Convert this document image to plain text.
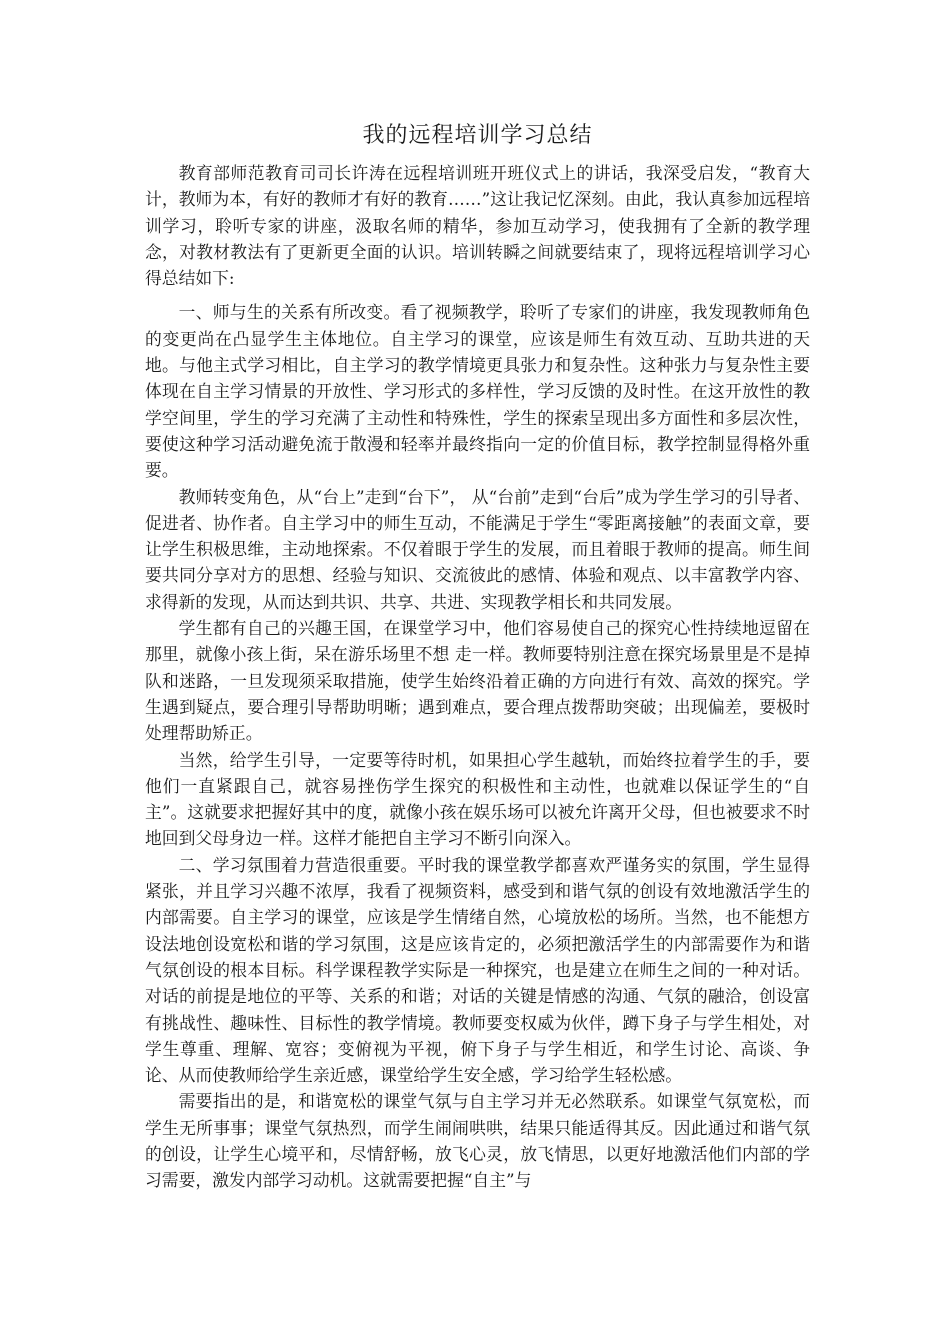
我的远程培训学习总结

教育部师范教育司司长许涛在远程培训班开班仪式上的讲话，我深受启发，“教育大计，教师为本，有好的教师才有好的教育……”这让我记忆深刻。由此，我认真参加远程培训学习，聆听专家的讲座，汲取名师的精华，参加互动学习，使我拥有了全新的教学理念，对教材教法有了更新更全面的认识。培训转瞬之间就要结束了，现将远程培训学习心得总结如下:

一、师与生的关系有所改变。看了视频教学，聆听了专家们的讲座，我发现教师角色的变更尚在凸显学生主体地位。自主学习的课堂，应该是师生有效互动、互助共进的天地。与他主式学习相比，自主学习的教学情境更具张力和复杂性。这种张力与复杂性主要体现在自主学习情景的开放性、学习形式的多样性，学习反馈的及时性。在这开放性的教学空间里，学生的学习充满了主动性和特殊性，学生的探索呈现出多方面性和多层次性，要使这种学习活动避免流于散漫和轻率并最终指向一定的价值目标，教学控制显得格外重要。

教师转变角色，从“台上”走到“台下”， 从“台前”走到“台后”成为学生学习的引导者、促进者、协作者。自主学习中的师生互动，不能满足于学生“零距离接触”的表面文章，要让学生积极思维，主动地探索。不仅着眼于学生的发展，而且着眼于教师的提高。师生间要共同分享对方的思想、经验与知识、交流彼此的感情、体验和观点、以丰富教学内容、求得新的发现，从而达到共识、共享、共进、实现教学相长和共同发展。

学生都有自己的兴趣王国，在课堂学习中，他们容易使自己的探究心性持续地逗留在那里，就像小孩上街，呆在游乐场里不想 走一样。教师要特别注意在探究场景里是不是掉队和迷路，一旦发现须采取措施，使学生始终沿着正确的方向进行有效、高效的探究。学生遇到疑点，要合理引导帮助明晰；遇到难点，要合理点拨帮助突破；出现偏差，要极时处理帮助矫正。

当然，给学生引导，一定要等待时机，如果担心学生越轨，而始终拉着学生的手，要他们一直紧跟自己，就容易挫伤学生探究的积极性和主动性，也就难以保证学生的“自主”。这就要求把握好其中的度，就像小孩在娱乐场可以被允许离开父母，但也被要求不时地回到父母身边一样。这样才能把自主学习不断引向深入。

二、学习氛围着力营造很重要。平时我的课堂教学都喜欢严谨务实的氛围，学生显得紧张，并且学习兴趣不浓厚，我看了视频资料，感受到和谐气氛的创设有效地激活学生的内部需要。自主学习的课堂，应该是学生情绪自然，心境放松的场所。当然，也不能想方设法地创设宽松和谐的学习氛围，这是应该肯定的，必须把激活学生的内部需要作为和谐气氛创设的根本目标。科学课程教学实际是一种探究，也是建立在师生之间的一种对话。对话的前提是地位的平等、关系的和谐；对话的关键是情感的沟通、气氛的融洽，创设富有挑战性、趣味性、目标性的教学情境。教师要变权威为伙伴，蹲下身子与学生相处，对学生尊重、理解、宽容；变俯视为平视，俯下身子与学生相近，和学生讨论、高谈、争论、从而使教师给学生亲近感，课堂给学生安全感，学习给学生轻松感。

需要指出的是，和谐宽松的课堂气氛与自主学习并无必然联系。如课堂气氛宽松，而学生无所事事；课堂气氛热烈，而学生闹闹哄哄，结果只能适得其反。因此通过和谐气氛的创设，让学生心境平和，尽情舒畅，放飞心灵，放飞情思，以更好地激活他们内部的学习需要，激发内部学习动机。这就需要把握“自主”与
